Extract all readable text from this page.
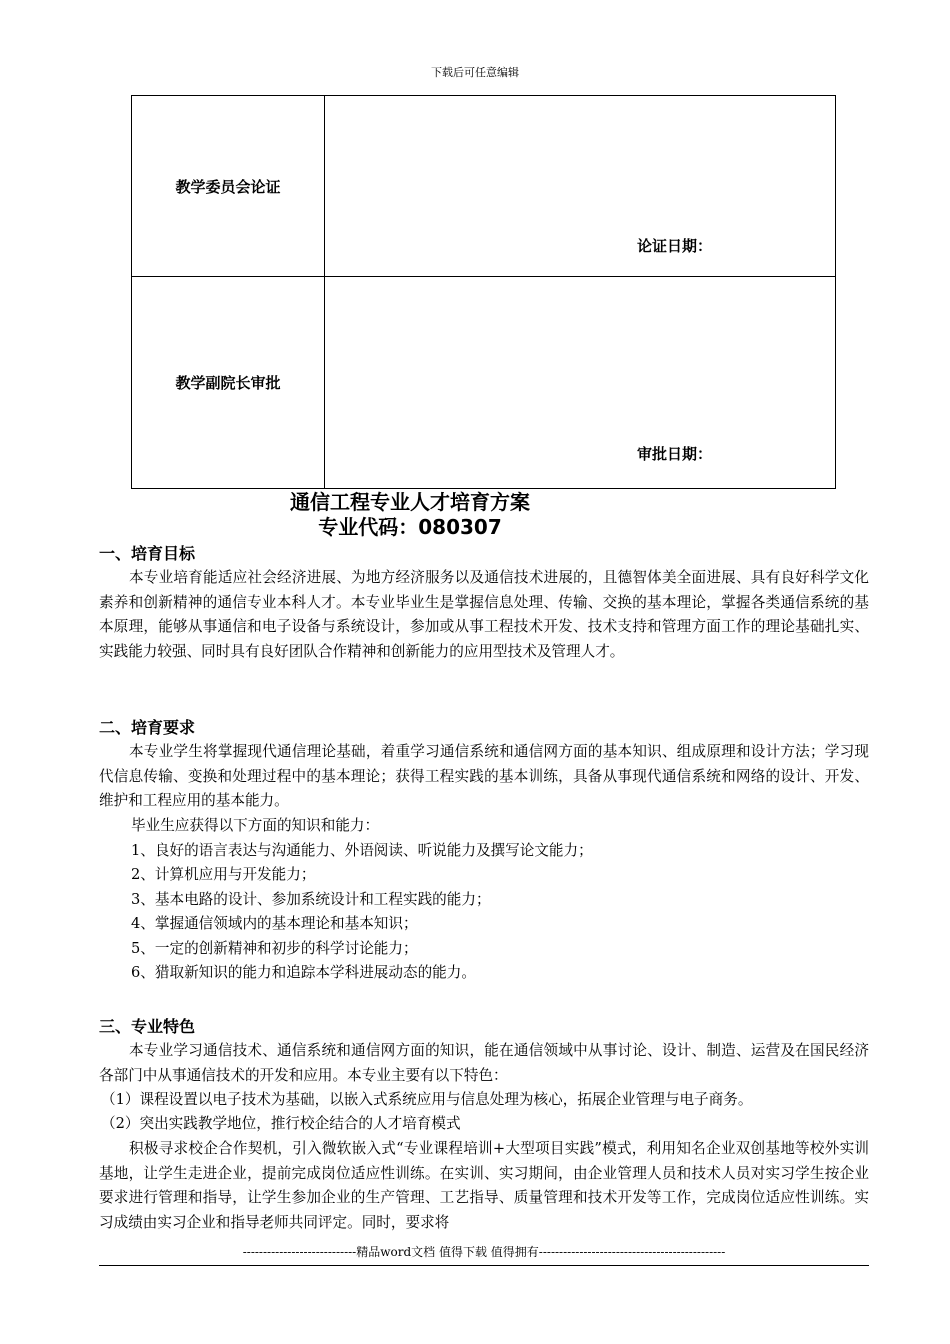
下载后可任意编辑
教学委员会论证	论证日期：

教学副院长审批	审批日期：
通信工程专业人才培育方案
专业代码：080307
一、培育目标
本专业培育能适应社会经济进展、为地方经济服务以及通信技术进展的，且德智体美全面进展、具有良好科学文化素养和创新精神的通信专业本科人才。本专业毕业生是掌握信息处理、传输、交换的基本理论，掌握各类通信系统的基本原理，能够从事通信和电子设备与系统设计，参加或从事工程技术开发、技术支持和管理方面工作的理论基础扎实、实践能力较强、同时具有良好团队合作精神和创新能力的应用型技术及管理人才。
二、培育要求
本专业学生将掌握现代通信理论基础，着重学习通信系统和通信网方面的基本知识、组成原理和设计方法；学习现代信息传输、变换和处理过程中的基本理论；获得工程实践的基本训练，具备从事现代通信系统和网络的设计、开发、维护和工程应用的基本能力。
毕业生应获得以下方面的知识和能力：
1、良好的语言表达与沟通能力、外语阅读、听说能力及撰写论文能力；
2、计算机应用与开发能力；
3、基本电路的设计、参加系统设计和工程实践的能力；
4、掌握通信领域内的基本理论和基本知识；
5、一定的创新精神和初步的科学讨论能力；
6、猎取新知识的能力和追踪本学科进展动态的能力。
三、专业特色
本专业学习通信技术、通信系统和通信网方面的知识，能在通信领域中从事讨论、设计、制造、运营及在国民经济各部门中从事通信技术的开发和应用。本专业主要有以下特色：
（1）课程设置以电子技术为基础，以嵌入式系统应用与信息处理为核心，拓展企业管理与电子商务。
（2）突出实践教学地位，推行校企结合的人才培育模式
积极寻求校企合作契机，引入微软嵌入式“专业课程培训+大型项目实践”模式，利用知名企业双创基地等校外实训基地，让学生走进企业，提前完成岗位适应性训练。在实训、实习期间，由企业管理人员和技术人员对实习学生按企业要求进行管理和指导，让学生参加企业的生产管理、工艺指导、质量管理和技术开发等工作，完成岗位适应性训练。实习成绩由实习企业和指导老师共同评定。同时，要求将
----------------------------精品word文档 值得下载 值得拥有----------------------------------------------
